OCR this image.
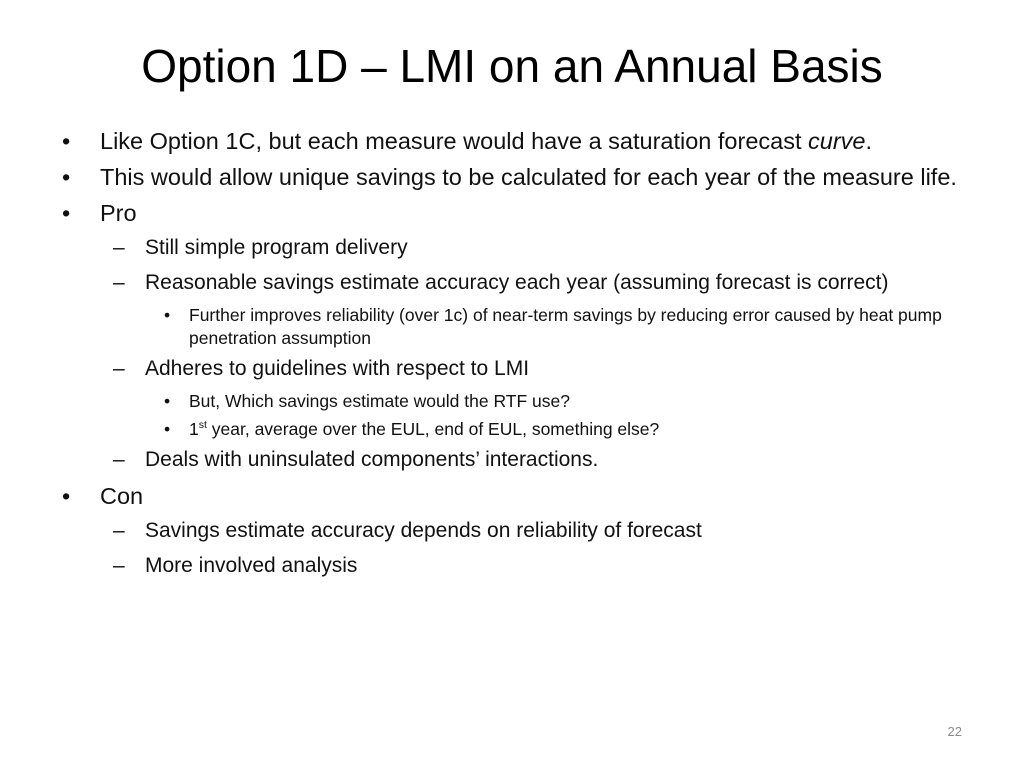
Option 1D – LMI on an Annual Basis
• Like Option 1C, but each measure would have a saturation forecast curve.
• This would allow unique savings to be calculated for each year of the measure life.
• Pro
– Still simple program delivery
– Reasonable savings estimate accuracy each year (assuming forecast is correct)
• Further improves reliability (over 1c) of near-term savings by reducing error caused by heat pump penetration assumption
– Adheres to guidelines with respect to LMI
• But, Which savings estimate would the RTF use?
• 1st year, average over the EUL, end of EUL, something else?
– Deals with uninsulated components’ interactions.
• Con
– Savings estimate accuracy depends on reliability of forecast
– More involved analysis
22
